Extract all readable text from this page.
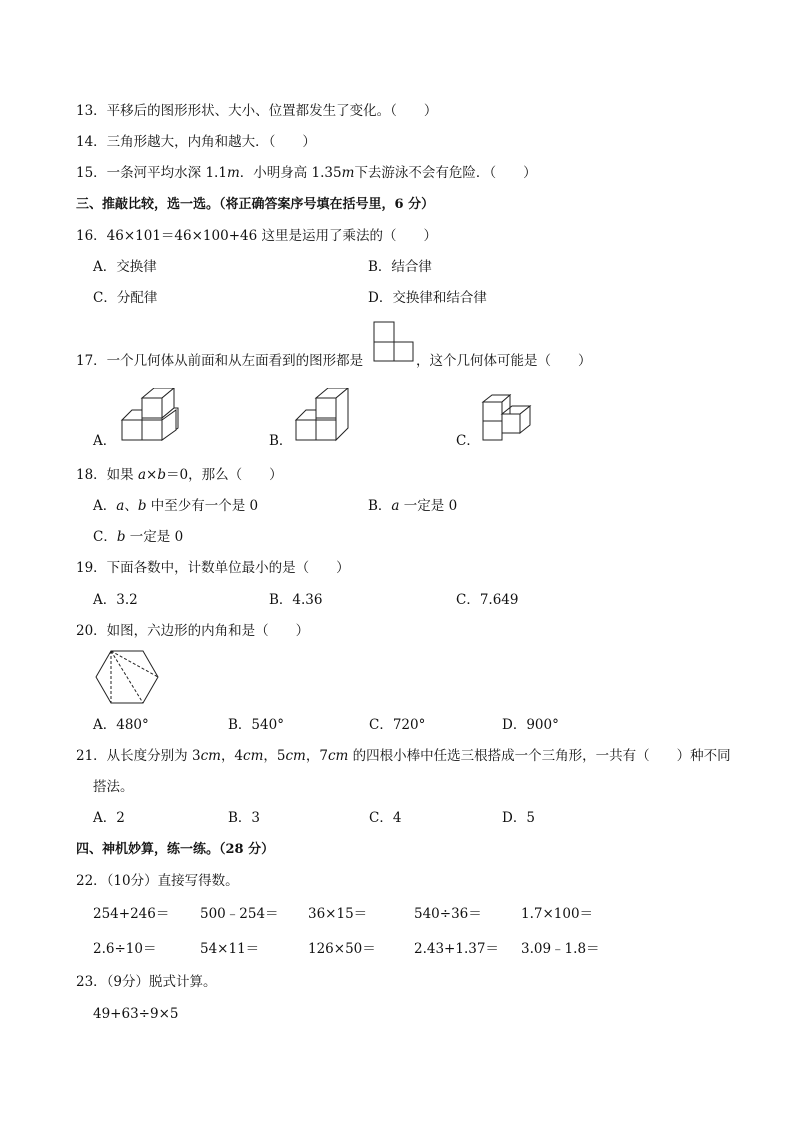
13．平移后的图形形状、大小、位置都发生了变化。（　　）
14．三角形越大，内角和越大．（　　）
15．一条河平均水深 1.1m．小明身高 1.35m下去游泳不会有危险．（　　）
三、推敲比较，选一选。（将正确答案序号填在括号里，6 分）
16．46×101＝46×100+46 这里是运用了乘法的（　　）
A．交换律	B．结合律
C．分配律	D．交换律和结合律
17．一个几何体从前面和从左面看到的图形都是	，这个几何体可能是（　　）
A．	B．	C．
18．如果 a×b＝0，那么（　　）
A．a、b 中至少有一个是 0	B．a 一定是 0
C．b 一定是 0
19．下面各数中，计数单位最小的是（　　）
A．3.2	B．4.36	C．7.649
20．如图，六边形的内角和是（　　）
A．480°	B．540°	C．720°	D．900°
21．从长度分别为 3cm，4cm，5cm，7cm 的四根小棒中任选三根搭成一个三角形，一共有（　　）种不同
搭法。
A．2	B．3	C．4	D．5
四、神机妙算，练一练。（28 分）
22．（10分）直接写得数。
254+246＝ 500﹣254＝ 36×15＝	540÷36＝	1.7×100＝
2.6÷10＝	54×11＝	126×50＝	2.43+1.37＝ 3.09﹣1.8＝
23．（9分）脱式计算。
49+63÷9×5
